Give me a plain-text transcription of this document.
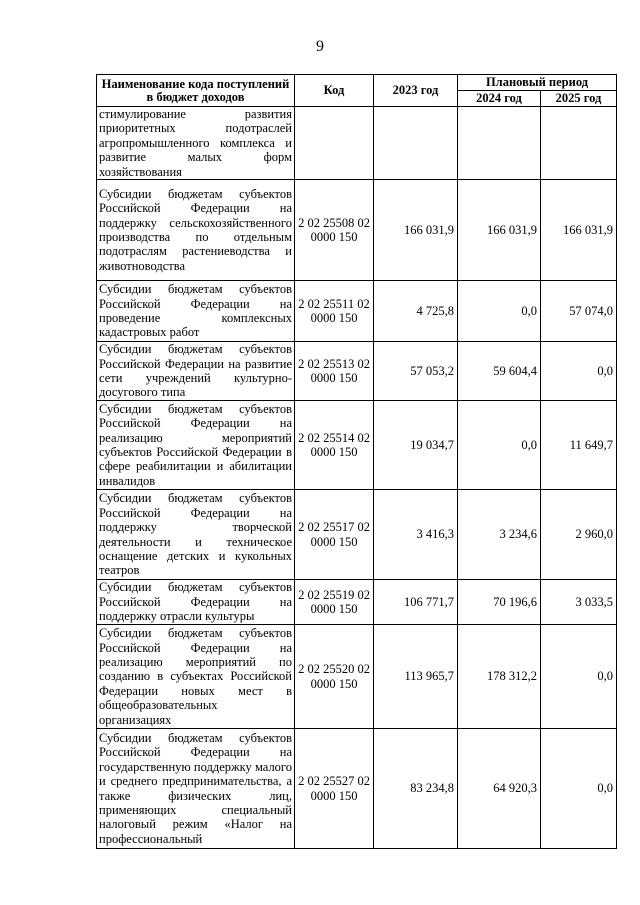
9
Наименование кода поступлений в бюджет доходов	Код	2023 год	Плановый период	
			2024 год	2025 год
стимулирование развития приоритетных подотраслей агропромышленного комплекса и развитие малых форм хозяйствования				
Субсидии бюджетам субъектов Российской Федерации на поддержку сельскохозяйственного производства по отдельным подотраслям растениеводства и животноводства	2 02 25508 02 0000 150	166 031,9	166 031,9	166 031,9
Субсидии бюджетам субъектов Российской Федерации на проведение комплексных кадастровых работ	2 02 25511 02 0000 150	4 725,8	0,0	57 074,0
Субсидии бюджетам субъектов Российской Федерации на развитие сети учреждений культурно-досугового типа	2 02 25513 02 0000 150	57 053,2	59 604,4	0,0
Субсидии бюджетам субъектов Российской Федерации на реализацию мероприятий субъектов Российской Федерации в сфере реабилитации и абилитации инвалидов	2 02 25514 02 0000 150	19 034,7	0,0	11 649,7
Субсидии бюджетам субъектов Российской Федерации на поддержку творческой деятельности и техническое оснащение детских и кукольных театров	2 02 25517 02 0000 150	3 416,3	3 234,6	2 960,0
Субсидии бюджетам субъектов Российской Федерации на поддержку отрасли культуры	2 02 25519 02 0000 150	106 771,7	70 196,6	3 033,5
Субсидии бюджетам субъектов Российской Федерации на реализацию мероприятий по созданию в субъектах Российской Федерации новых мест в общеобразовательных организациях	2 02 25520 02 0000 150	113 965,7	178 312,2	0,0
Субсидии бюджетам субъектов Российской Федерации на государственную поддержку малого и среднего предпринимательства, а также физических лиц, применяющих специальный налоговый режим «Налог на профессиональный	2 02 25527 02 0000 150	83 234,8	64 920,3	0,0
